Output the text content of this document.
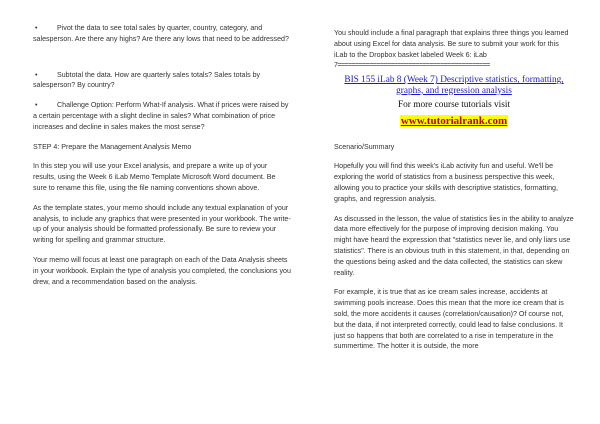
•	Pivot the data to see total sales by quarter, country, category, and salesperson. Are there any highs? Are there any lows that need to be addressed?
•	Subtotal the data. How are quarterly sales totals? Sales totals by salesperson? By country?
•	Challenge Option: Perform What-If analysis. What if prices were raised by a certain percentage with a slight decline in sales? What combination of price increases and decline in sales makes the most sense?

STEP 4: Prepare the Management Analysis Memo

In this step you will use your Excel analysis, and prepare a write up of your results, using the Week 6 iLab Memo Template Microsoft Word document. Be sure to rename this file, using the file naming conventions shown above.

As the template states, your memo should include any textual explanation of your analysis, to include any graphics that were presented in your workbook. The write-up of your analysis should be formatted professionally. Be sure to review your writing for spelling and grammar structure.

Your memo will focus at least one paragraph on each of the Data Analysis sheets in your workbook. Explain the type of analysis you completed, the conclusions you drew, and a recommendation based on the analysis.

You should include a final paragraph that explains three things you learned about using Excel for data analysis. Be sure to submit your work for this iLab to the Dropbox basket labeled Week 6: iLab

7===========================================

BIS 155 iLab 8 (Week 7) Descriptive statistics, formatting, graphs, and regression analysis

For more course tutorials visit

www.tutorialrank.com

Scenario/Summary

Hopefully you will find this week's iLab activity fun and useful. We'll be exploring the world of statistics from a business perspective this week, allowing you to practice your skills with descriptive statistics, formatting, graphs, and regression analysis.

As discussed in the lesson, the value of statistics lies in the ability to analyze data more effectively for the purpose of improving decision making. You might have heard the expression that "statistics never lie, and only liars use statistics". There is an obvious truth in this statement, in that, depending on the questions being asked and the data collected, the statistics can skew reality.

For example, it is true that as ice cream sales increase, accidents at swimming pools increase. Does this mean that the more ice cream that is sold, the more accidents it causes (correlation/causation)? Of course not, but the data, if not interpreted correctly, could lead to false conclusions. It just so happens that both are correlated to a rise in temperature in the summertime. The hotter it is outside, the more
